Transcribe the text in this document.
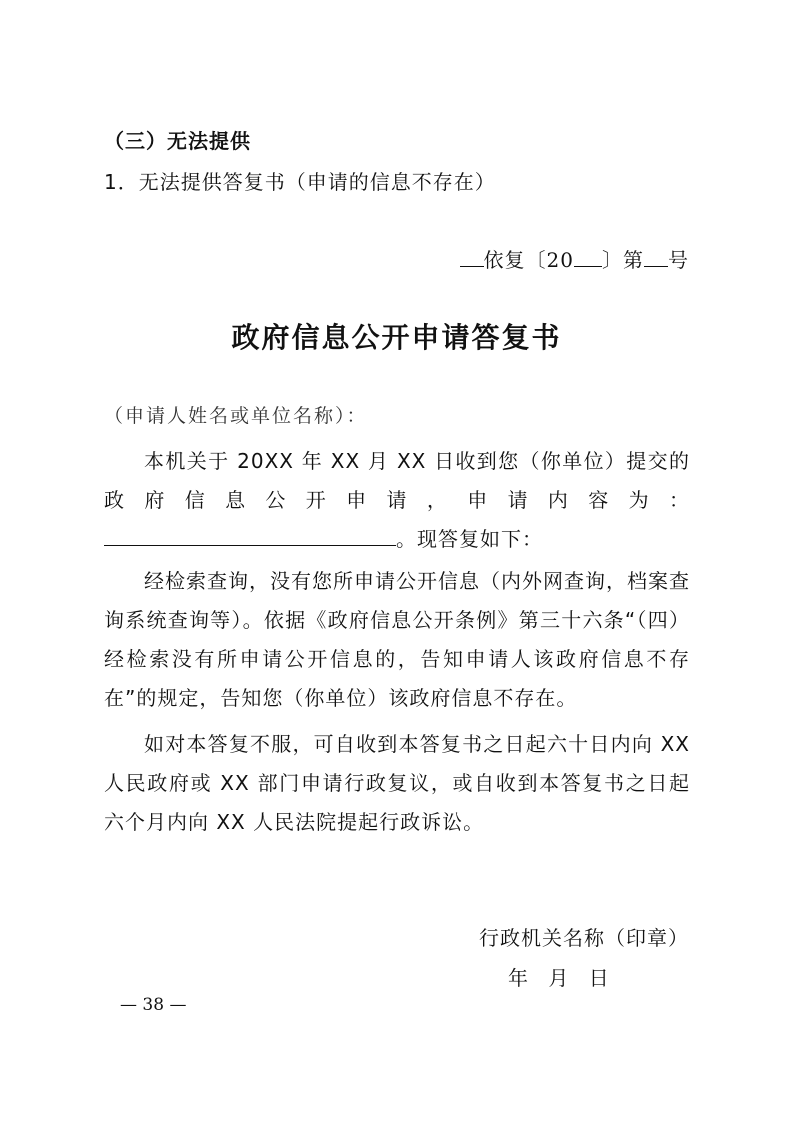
（三）无法提供
1．无法提供答复书（申请的信息不存在）
依复〔20 〕第 号
政府信息公开申请答复书
（申请人姓名或单位名称）：
本机关于 20XX 年 XX 月 XX 日收到您（你单位）提交的政府信息公开申请，申请内容为：。现答复如下：
经检索查询，没有您所申请公开信息（内外网查询，档案查询系统查询等）。依据《政府信息公开条例》第三十六条“（四）经检索没有所申请公开信息的，告知申请人该政府信息不存在”的规定，告知您（你单位）该政府信息不存在。
如对本答复不服，可自收到本答复书之日起六十日内向 XX 人民政府或 XX 部门申请行政复议，或自收到本答复书之日起六个月内向 XX 人民法院提起行政诉讼。
行政机关名称（印章）
年 月 日
— 38 —
